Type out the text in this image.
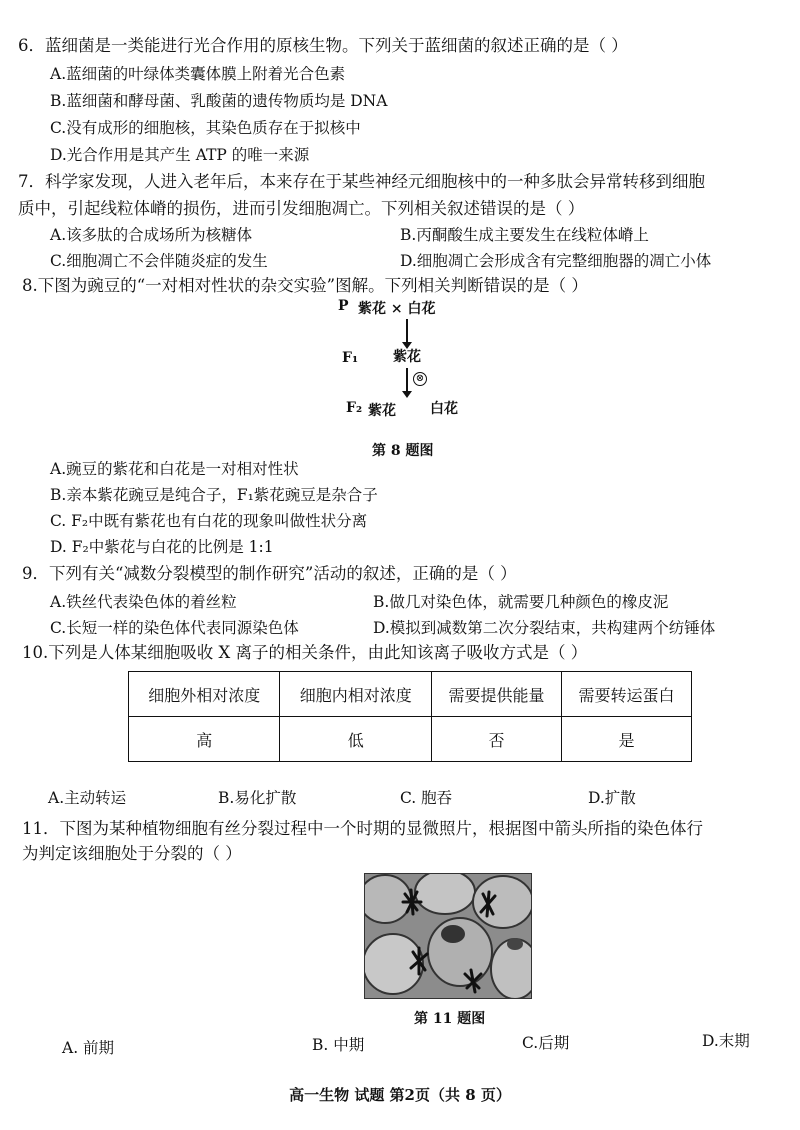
6．蓝细菌是一类能进行光合作用的原核生物。下列关于蓝细菌的叙述正确的是（ ）
A.蓝细菌的叶绿体类囊体膜上附着光合色素
B.蓝细菌和酵母菌、乳酸菌的遗传物质均是 DNA
C.没有成形的细胞核，其染色质存在于拟核中
D.光合作用是其产生 ATP 的唯一来源
7．科学家发现，人进入老年后，本来存在于某些神经元细胞核中的一种多肽会异常转移到细胞
质中，引起线粒体嵴的损伤，进而引发细胞凋亡。下列相关叙述错误的是（ ）
A.该多肽的合成场所为核糖体	B.丙酮酸生成主要发生在线粒体嵴上
C.细胞凋亡不会伴随炎症的发生	D.细胞凋亡会形成含有完整细胞器的凋亡小体
8.下图为豌豆的“一对相对性状的杂交实验”图解。下列相关判断错误的是（ ）
P 紫花 × 白花
F₁ 紫花
⊗
F₂ 紫花 白花
第 8 题图
A.豌豆的紫花和白花是一对相对性状
B.亲本紫花豌豆是纯合子，F₁紫花豌豆是杂合子
C. F₂中既有紫花也有白花的现象叫做性状分离
D. F₂中紫花与白花的比例是 1:1
9．下列有关“减数分裂模型的制作研究”活动的叙述，正确的是（ ）
A.铁丝代表染色体的着丝粒	B.做几对染色体，就需要几种颜色的橡皮泥
C.长短一样的染色体代表同源染色体	D.模拟到减数第二次分裂结束，共构建两个纺锤体
10.下列是人体某细胞吸收 X 离子的相关条件，由此知该离子吸收方式是（ ）
细胞外相对浓度	细胞内相对浓度	需要提供能量	需要转运蛋白
高	低	否	是
A.主动转运	B.易化扩散	C. 胞吞	D.扩散
11．下图为某种植物细胞有丝分裂过程中一个时期的显微照片，根据图中箭头所指的染色体行
为判定该细胞处于分裂的（ ）
第 11 题图
A. 前期	B. 中期	C.后期	D.末期
高一生物 试题 第2页（共 8 页）
